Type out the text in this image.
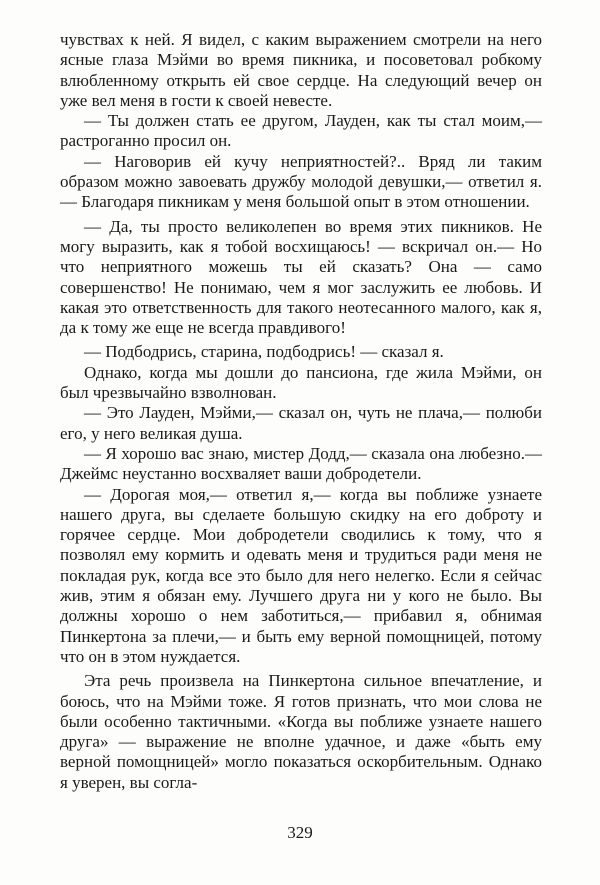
чувствах к ней. Я видел, с каким выражением смотрели на него ясные глаза Мэйми во время пикника, и посоветовал робкому влюбленному открыть ей свое сердце. На следующий вечер он уже вел меня в гости к своей невесте.

— Ты должен стать ее другом, Лауден, как ты стал моим,— растроганно просил он.

— Наговорив ей кучу неприятностей?.. Вряд ли таким образом можно завоевать дружбу молодой девушки,— ответил я.— Благодаря пикникам у меня большой опыт в этом отношении.

— Да, ты просто великолепен во время этих пикников. Не могу выразить, как я тобой восхищаюсь! — вскричал он.— Но что неприятного можешь ты ей сказать? Она — само совершенство! Не понимаю, чем я мог заслужить ее любовь. И какая это ответственность для такого неотесанного малого, как я, да к тому же еще не всегда правдивого!

— Подбодрись, старина, подбодрись! — сказал я.

Однако, когда мы дошли до пансиона, где жила Мэйми, он был чрезвычайно взволнован.

— Это Лауден, Мэйми,— сказал он, чуть не плача,— полюби его, у него великая душа.

— Я хорошо вас знаю, мистер Додд,— сказала она любезно.— Джеймс неустанно восхваляет ваши добродетели.

— Дорогая моя,— ответил я,— когда вы поближе узнаете нашего друга, вы сделаете большую скидку на его доброту и горячее сердце. Мои добродетели сводились к тому, что я позволял ему кормить и одевать меня и трудиться ради меня не покладая рук, когда все это было для него нелегко. Если я сейчас жив, этим я обязан ему. Лучшего друга ни у кого не было. Вы должны хорошо о нем заботиться,— прибавил я, обнимая Пинкертона за плечи,— и быть ему верной помощницей, потому что он в этом нуждается.

Эта речь произвела на Пинкертона сильное впечатление, и боюсь, что на Мэйми тоже. Я готов признать, что мои слова не были особенно тактичными. «Когда вы поближе узнаете нашего друга» — выражение не вполне удачное, и даже «быть ему верной помощницей» могло показаться оскорбительным. Однако я уверен, вы согла-

329
